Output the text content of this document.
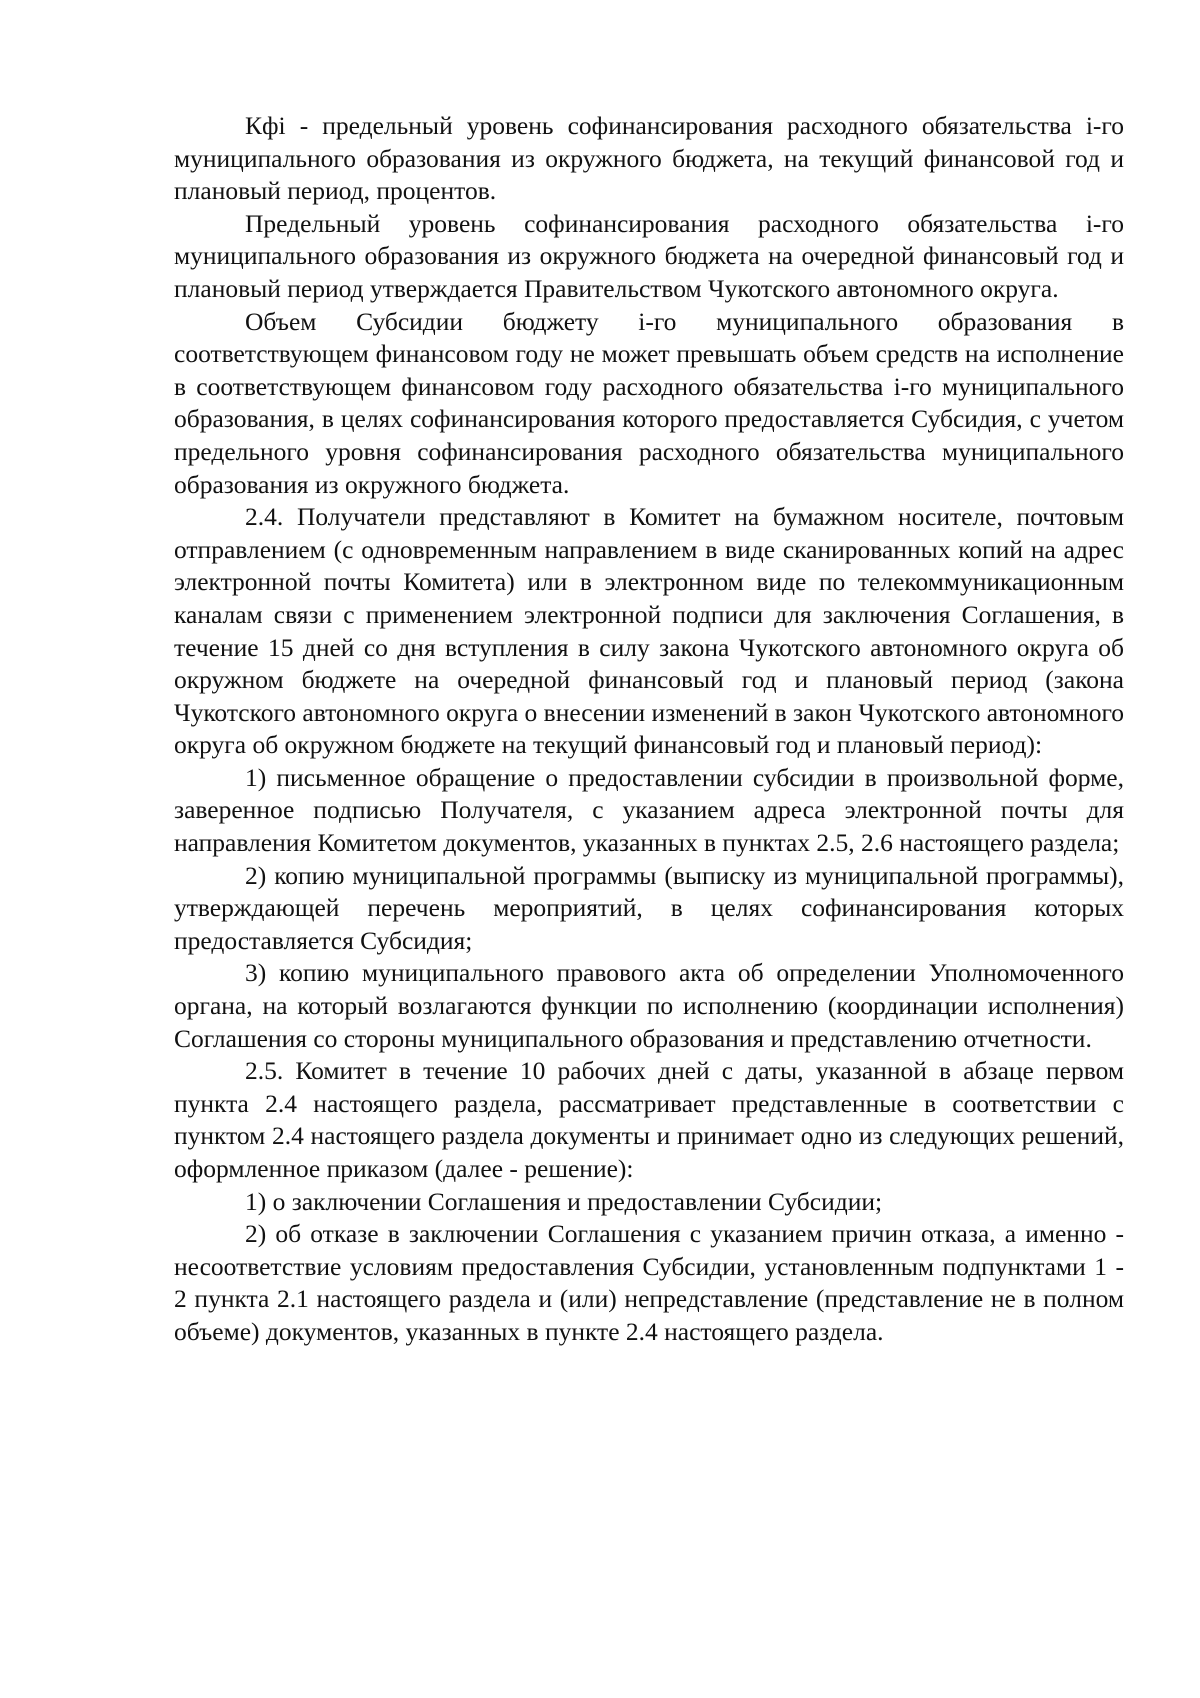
Кфi - предельный уровень софинансирования расходного обязательства i-го муниципального образования из окружного бюджета, на текущий финансовой год и плановый период, процентов.

Предельный уровень софинансирования расходного обязательства i-го муниципального образования из окружного бюджета на очередной финансовый год и плановый период утверждается Правительством Чукотского автономного округа.

Объем Субсидии бюджету i-го муниципального образования в соответствующем финансовом году не может превышать объем средств на исполнение в соответствующем финансовом году расходного обязательства i-го муниципального образования, в целях софинансирования которого предоставляется Субсидия, с учетом предельного уровня софинансирования расходного обязательства муниципального образования из окружного бюджета.

2.4. Получатели представляют в Комитет на бумажном носителе, почтовым отправлением (с одновременным направлением в виде сканированных копий на адрес электронной почты Комитета) или в электронном виде по телекоммуникационным каналам связи с применением электронной подписи для заключения Соглашения, в течение 15 дней со дня вступления в силу закона Чукотского автономного округа об окружном бюджете на очередной финансовый год и плановый период (закона Чукотского автономного округа о внесении изменений в закон Чукотского автономного округа об окружном бюджете на текущий финансовый год и плановый период):

1) письменное обращение о предоставлении субсидии в произвольной форме, заверенное подписью Получателя, с указанием адреса электронной почты для направления Комитетом документов, указанных в пунктах 2.5, 2.6 настоящего раздела;

2) копию муниципальной программы (выписку из муниципальной программы), утверждающей перечень мероприятий, в целях софинансирования которых предоставляется Субсидия;

3) копию муниципального правового акта об определении Уполномоченного органа, на который возлагаются функции по исполнению (координации исполнения) Соглашения со стороны муниципального образования и представлению отчетности.

2.5. Комитет в течение 10 рабочих дней с даты, указанной в абзаце первом пункта 2.4 настоящего раздела, рассматривает представленные в соответствии с пунктом 2.4 настоящего раздела документы и принимает одно из следующих решений, оформленное приказом (далее - решение):

1) о заключении Соглашения и предоставлении Субсидии;

2) об отказе в заключении Соглашения с указанием причин отказа, а именно - несоответствие условиям предоставления Субсидии, установленным подпунктами 1 - 2 пункта 2.1 настоящего раздела и (или) непредставление (представление не в полном объеме) документов, указанных в пункте 2.4 настоящего раздела.
